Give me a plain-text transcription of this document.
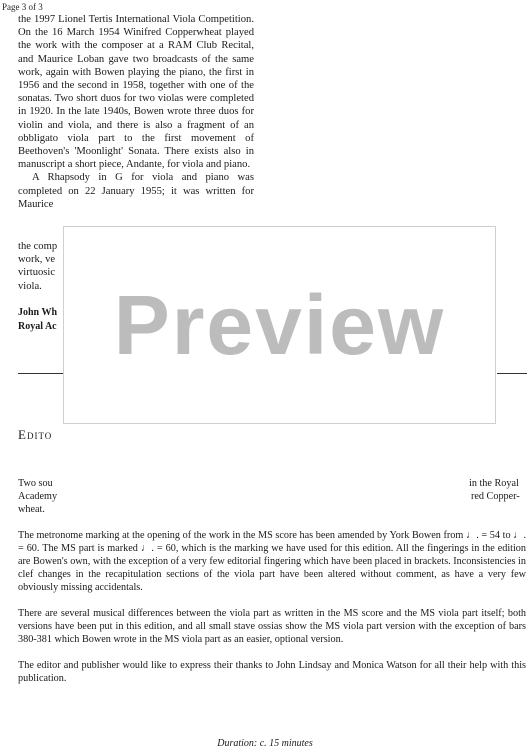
Page 3 of 3

the 1997 Lionel Tertis International Viola Competition. On the 16 March 1954 Winifred Copperwheat played the work with the composer at a RAM Club Recital, and Maurice Loban gave two broadcasts of the same work, again with Bowen playing the piano, the first in 1956 and the second in 1958, together with one of the sonatas. Two short duos for two violas were completed in 1920. In the late 1940s, Bowen wrote three duos for violin and viola, and there is also a fragment of an obbligato viola part to the first movement of Beethoven's 'Moonlight' Sonata. There exists also in manuscript a short piece, Andante, for viola and piano.

A Rhapsody in G for viola and piano was completed on 22 January 1955; it was written for Maurice

the comp

work, ve

virtuosic

viola.

John Wh
Royal Ac
Edito
Two sou
Academy
in the Royal
red Copper-
wheat.

The metronome marking at the opening of the work in the MS score has been amended by York Bowen from ♩. = 54 to ♩. = 60. The MS part is marked ♩. = 60, which is the marking we have used for this edition. All the fingerings in the edition are Bowen's own, with the exception of a very few editorial fingering which have been placed in brackets. Inconsistencies in clef changes in the recapitulation sections of the viola part have been altered without comment, as have a very few obviously missing accidentals.

There are several musical differences between the viola part as written in the MS score and the MS viola part itself; both versions have been put in this edition, and all small stave ossias show the MS viola part version with the exception of bars 380-381 which Bowen wrote in the MS viola part as an easier, optional version.

The editor and publisher would like to express their thanks to John Lindsay and Monica Watson for all their help with this publication.

Duration: c. 15 minutes
Preview
